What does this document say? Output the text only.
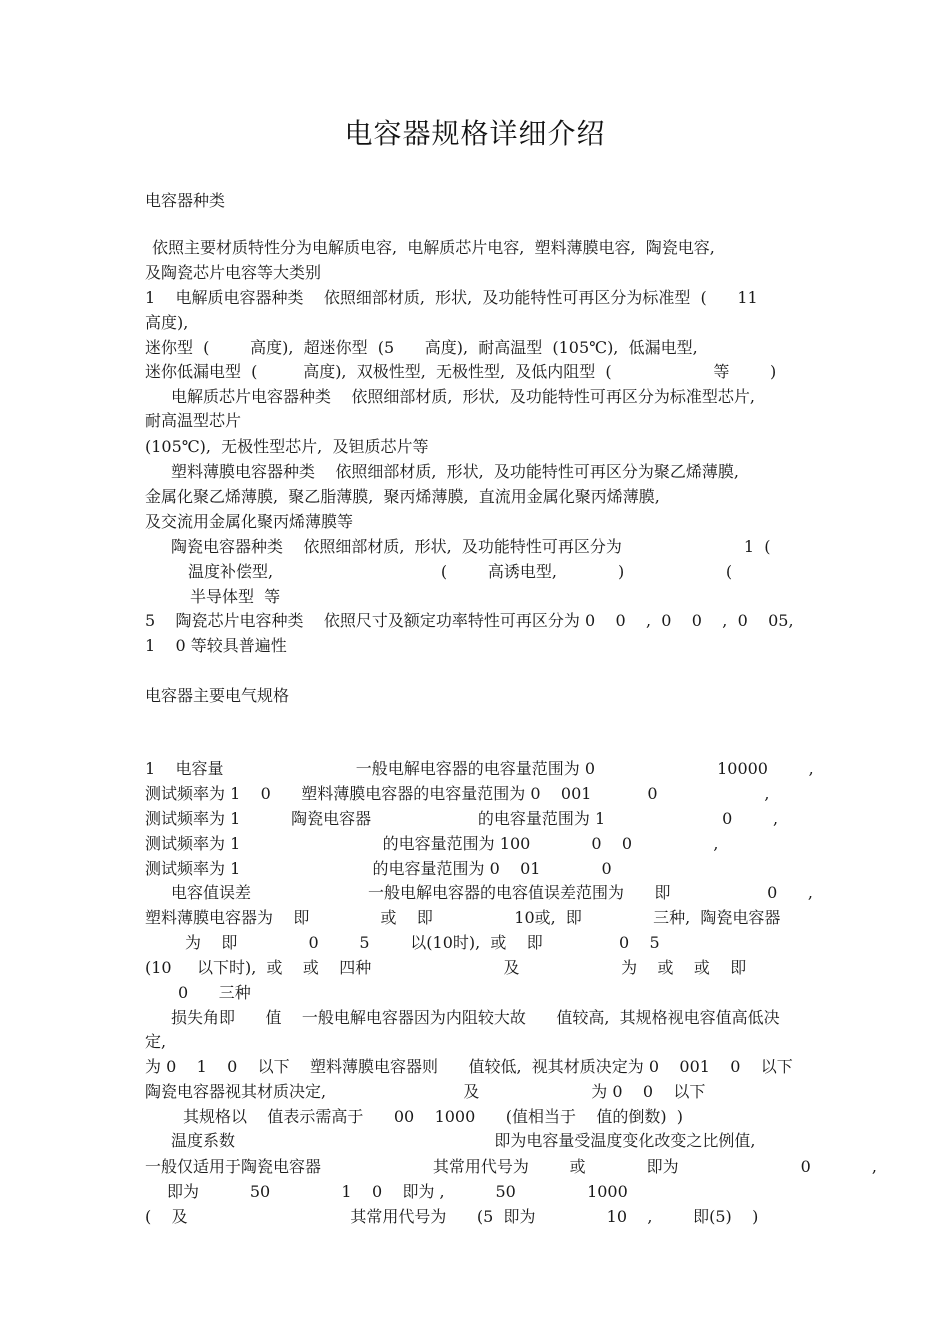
电容器规格详细介绍
电容器种类
依照主要材质特性分为电解质电容,  电解质芯片电容,  塑料薄膜电容,  陶瓷电容,
及陶瓷芯片电容等大类别
1    电解质电容器种类    依照细部材质,  形状,  及功能特性可再区分为标准型  (      11
高度),
迷你型  (        高度),  超迷你型  (5      高度),  耐高温型  (105℃),  低漏电型,
迷你低漏电型  (         高度),  双极性型,  无极性型,  及低内阻型  (                    等        )
电解质芯片电容器种类    依照细部材质,  形状,  及功能特性可再区分为标准型芯片,
耐高温型芯片
(105℃),  无极性型芯片,  及钽质芯片等
塑料薄膜电容器种类    依照细部材质,  形状,  及功能特性可再区分为聚乙烯薄膜,
金属化聚乙烯薄膜,  聚乙脂薄膜,  聚丙烯薄膜,  直流用金属化聚丙烯薄膜,
及交流用金属化聚丙烯薄膜等
陶瓷电容器种类    依照细部材质,  形状,  及功能特性可再区分为                        1  (
温度补偿型,                                 (        高诱电型,            )                    (
半导体型  等
5    陶瓷芯片电容种类    依照尺寸及额定功率特性可再区分为 0    0    ,  0    0    ,  0    05,
1    0 等较具普遍性
电容器主要电气规格
1    电容量                          一般电解电容器的电容量范围为 0                        10000        ,
测试频率为 1    0      塑料薄膜电容器的电容量范围为 0    001           0                     ,
测试频率为 1          陶瓷电容器                     的电容量范围为 1                       0        ,
测试频率为 1                            的电容量范围为 100            0    0                ,
测试频率为 1                          的电容量范围为 0    01            0
电容值误差                       一般电解电容器的电容值误差范围为      即                   0      ,
塑料薄膜电容器为    即              或    即                10或,  即              三种,  陶瓷电容器
为    即              0        5        以(10时),  或    即               0    5
(10     以下时),  或    或    四种                          及                    为    或    或    即
0      三种
损失角即      值    一般电解电容器因为内阻较大故      值较高,  其规格视电容值高低决
定,
为 0    1    0    以下    塑料薄膜电容器则      值较低,  视其材质决定为 0    001    0    以下
陶瓷电容器视其材质决定,                           及                      为 0    0    以下
其规格以    值表示需高于      00    1000      (值相当于    值的倒数)  )
温度系数                                                   即为电容量受温度变化改变之比例值,
一般仅适用于陶瓷电容器                      其常用代号为        或            即为                        0            ,
即为          50              1    0    即为 ,          50              1000
(    及                                其常用代号为      (5  即为              10    ,        即(5)    )
